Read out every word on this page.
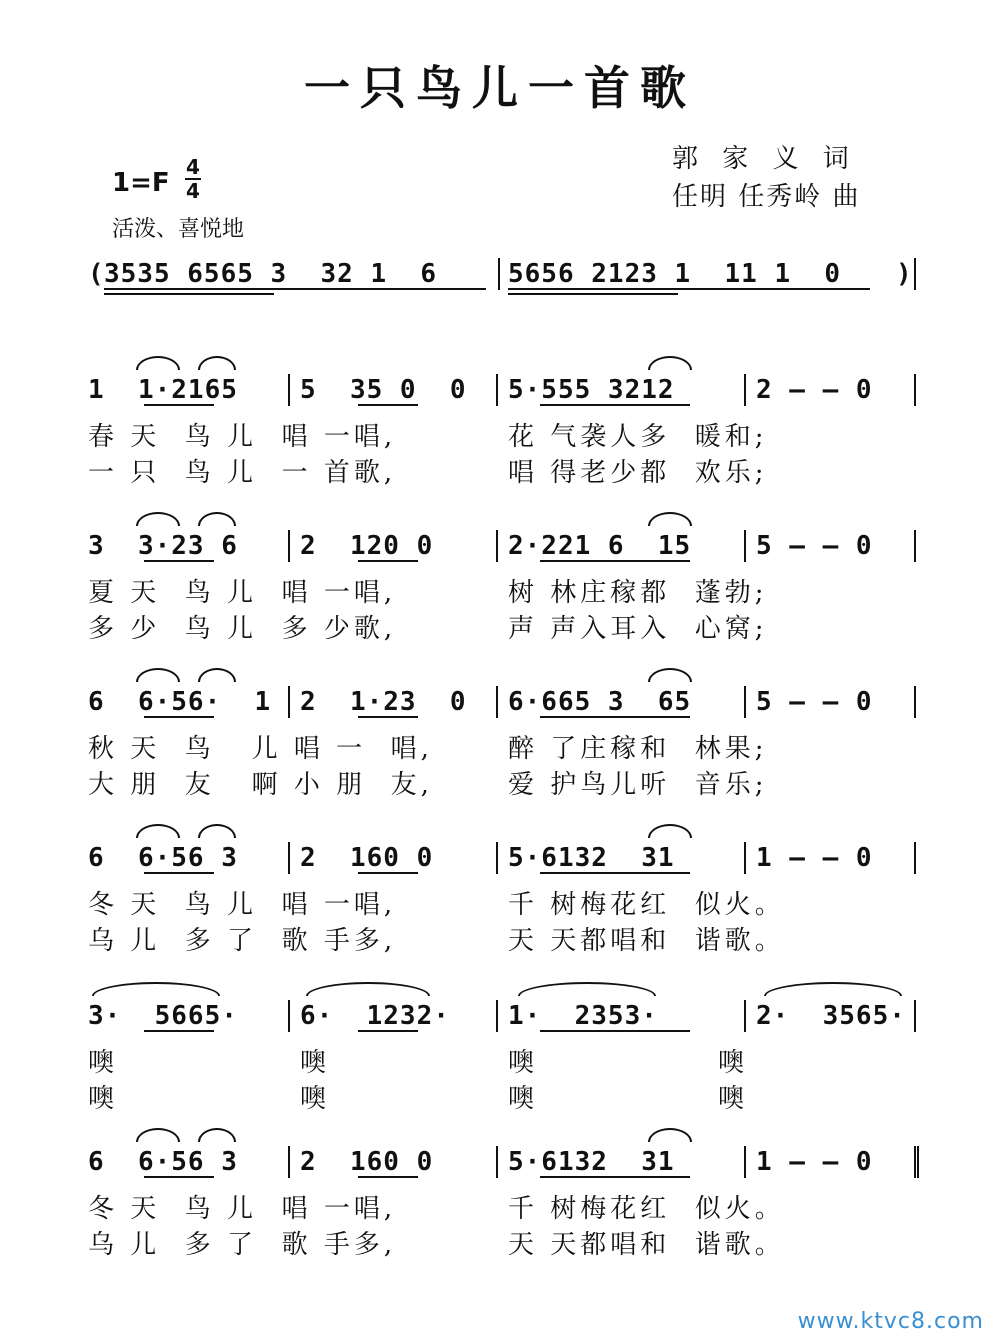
一只鸟儿一首歌
郭 家 义 词
任明 任秀岭 曲
1=F
4
4
活泼、喜悦地
( 3535 6565 3  32 1  6	5656 2123 1  11 1  0 )
1  1·2165 5  35 0  0 5·555 3212	2 – – 0
春 天  鸟 儿  唱 一唱,	花 气袭人多  暖和;
一 只  鸟 儿  一 首歌,	唱 得老少都  欢乐;
3  3·23 6 2  120 0	2·221 6  15 5 – – 0
夏 天  鸟 儿  唱 一唱,	树 林庄稼都  蓬勃;
多 少  鸟 儿  多 少歌,	声 声入耳入  心窝;
6  6·56·  1 2  1·23  0 6·665 3  65 5 – – 0
秋 天  鸟   儿 唱 一  唱,	醉 了庄稼和  林果;
大 朋  友   啊 小 朋  友,	爱 护鸟儿听  音乐;
6  6·56 3 2  160 0	5·6132  31	1 – – 0
冬 天  鸟 儿  唱 一唱,	千 树梅花红  似火。
乌 儿  多 了  歌 手多,	天 天都唱和  谐歌。
3·  5665· 6·  1232· 1·  2353·	2·  3565·
噢	噢	噢	噢
噢	噢	噢	噢
6  6·56 3 2  160 0	5·6132  31	1 – – 0
冬 天  鸟 儿  唱 一唱,	千 树梅花红  似火。
乌 儿  多 了  歌 手多,	天 天都唱和  谐歌。
www.ktvc8.com
